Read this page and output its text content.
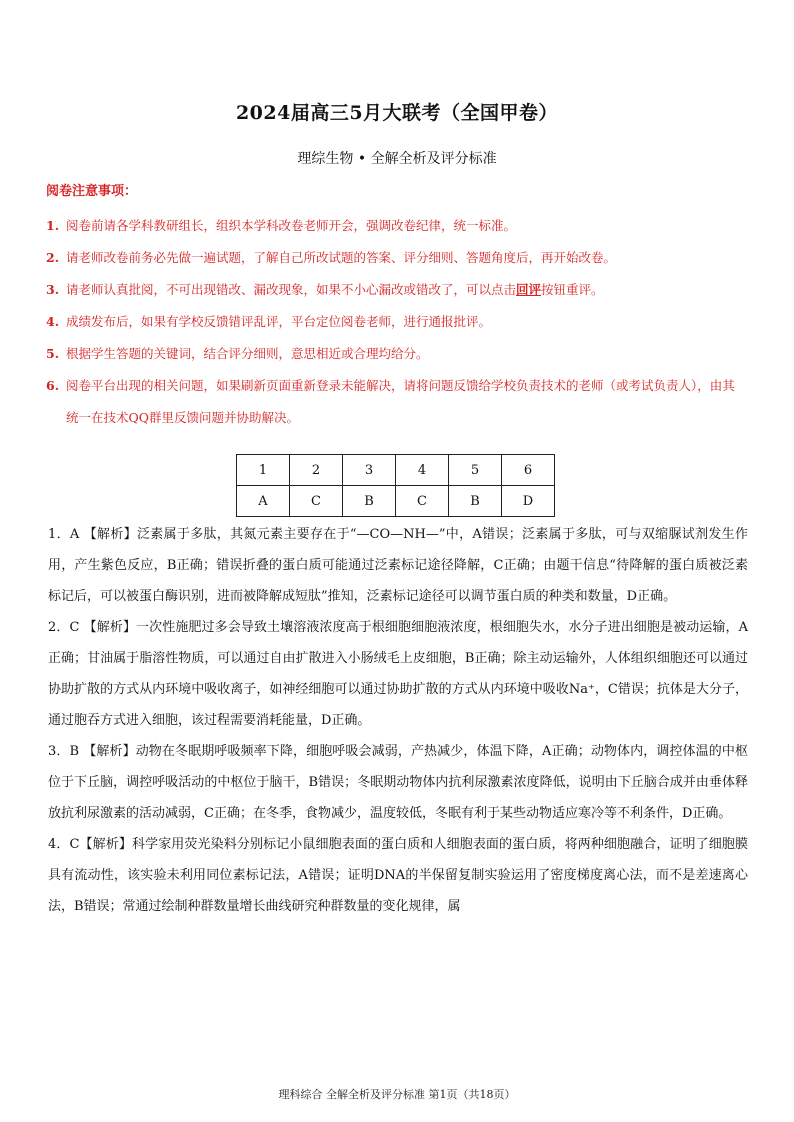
2024届高三5月大联考（全国甲卷）
理综生物 • 全解全析及评分标准
阅卷注意事项：
1. 阅卷前请各学科教研组长，组织本学科改卷老师开会，强调改卷纪律，统一标准。
2. 请老师改卷前务必先做一遍试题，了解自己所改试题的答案、评分细则、答题角度后，再开始改卷。
3. 请老师认真批阅，不可出现错改、漏改现象，如果不小心漏改或错改了，可以点击回评按钮重评。
4. 成绩发布后，如果有学校反馈错评乱评，平台定位阅卷老师，进行通报批评。
5. 根据学生答题的关键词，结合评分细则，意思相近或合理均给分。
6. 阅卷平台出现的相关问题，如果刷新页面重新登录未能解决，请将问题反馈给学校负责技术的老师（或考试负责人），由其统一在技术QQ群里反馈问题并协助解决。
1	2	3	4	5	6
A	C	B	C	B	D

1．A 【解析】泛素属于多肽，其氮元素主要存在于“—CO—NH—”中，A错误；泛素属于多肽，可与双缩脲试剂发生作用，产生紫色反应，B正确；错误折叠的蛋白质可能通过泛素标记途径降解，C正确；由题干信息“待降解的蛋白质被泛素标记后，可以被蛋白酶识别，进而被降解成短肽”推知，泛素标记途径可以调节蛋白质的种类和数量，D正确。

2．C 【解析】一次性施肥过多会导致土壤溶液浓度高于根细胞细胞液浓度，根细胞失水，水分子进出细胞是被动运输，A正确；甘油属于脂溶性物质，可以通过自由扩散进入小肠绒毛上皮细胞，B正确；除主动运输外，人体组织细胞还可以通过协助扩散的方式从内环境中吸收离子，如神经细胞可以通过协助扩散的方式从内环境中吸收Na⁺，C错误；抗体是大分子，通过胞吞方式进入细胞，该过程需要消耗能量，D正确。

3．B 【解析】动物在冬眠期呼吸频率下降，细胞呼吸会减弱，产热减少，体温下降，A正确；动物体内，调控体温的中枢位于下丘脑，调控呼吸活动的中枢位于脑干，B错误；冬眠期动物体内抗利尿激素浓度降低，说明由下丘脑合成并由垂体释放抗利尿激素的活动减弱，C正确；在冬季，食物减少，温度较低，冬眠有利于某些动物适应寒冷等不利条件，D正确。

4．C【解析】科学家用荧光染料分别标记小鼠细胞表面的蛋白质和人细胞表面的蛋白质，将两种细胞融合，证明了细胞膜具有流动性，该实验未利用同位素标记法，A错误；证明DNA的半保留复制实验运用了密度梯度离心法，而不是差速离心法，B错误；常通过绘制种群数量增长曲线研究种群数量的变化规律，属

理科综合 全解全析及评分标准 第1页（共18页）
